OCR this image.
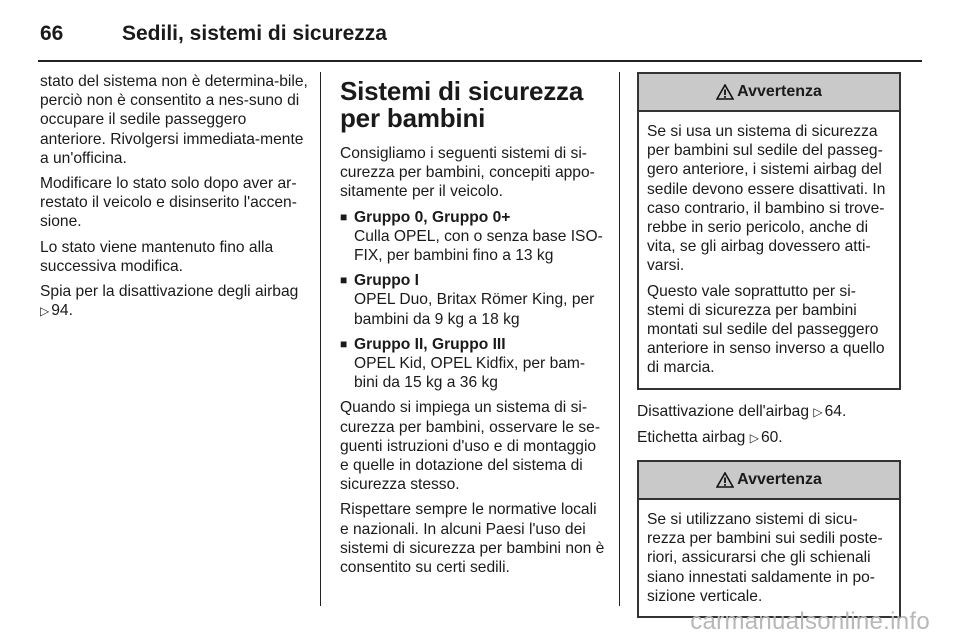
66	Sedili, sistemi di sicurezza

stato del sistema non è determina-bile, perciò non è consentito a nes-suno di occupare il sedile passeggero anteriore. Rivolgersi immediata-mente a un'officina.

Modificare lo stato solo dopo aver ar-restato il veicolo e disinserito l'accen-sione.

Lo stato viene mantenuto fino alla successiva modifica.

Spia per la disattivazione degli airbag
▷ 94.

Sistemi di sicurezza per bambini

Consigliamo i seguenti sistemi di si-curezza per bambini, concepiti appo-sitamente per il veicolo.

■ Gruppo 0, Gruppo 0+
Culla OPEL, con o senza base ISO-FIX, per bambini fino a 13 kg
■ Gruppo I
OPEL Duo, Britax Römer King, per bambini da 9 kg a 18 kg
■ Gruppo II, Gruppo III
OPEL Kid, OPEL Kidfix, per bam-bini da 15 kg a 36 kg

Quando si impiega un sistema di si-curezza per bambini, osservare le se-guenti istruzioni d'uso e di montaggio e quelle in dotazione del sistema di sicurezza stesso.

Rispettare sempre le normative locali e nazionali. In alcuni Paesi l'uso dei sistemi di sicurezza per bambini non è consentito su certi sedili.

Avvertenza

Se si usa un sistema di sicurezza per bambini sul sedile del passeg-gero anteriore, i sistemi airbag del sedile devono essere disattivati. In caso contrario, il bambino si trove-rebbe in serio pericolo, anche di vita, se gli airbag dovessero atti-varsi.

Questo vale soprattutto per si-stemi di sicurezza per bambini montati sul sedile del passeggero anteriore in senso inverso a quello di marcia.

Disattivazione dell'airbag ▷ 64.

Etichetta airbag ▷ 60.

Avvertenza

Se si utilizzano sistemi di sicu-rezza per bambini sui sedili poste-riori, assicurarsi che gli schienali siano innestati saldamente in po-sizione verticale.

carmanualsonline.info
